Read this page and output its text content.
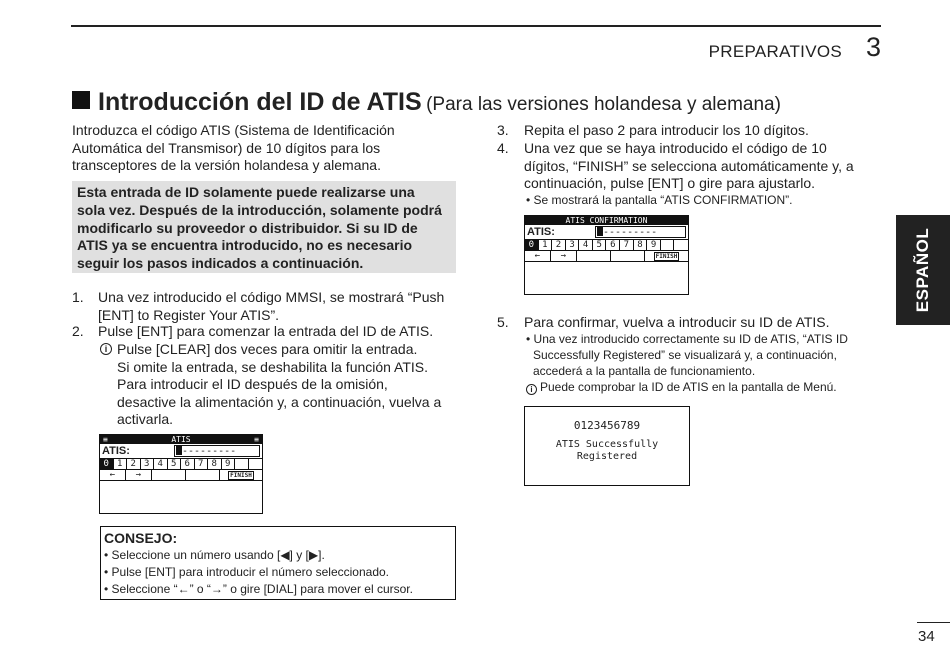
PREPARATIVOS 3
Introducción del ID de ATIS (Para las versiones holandesa y alemana)
Introduzca el código ATIS (Sistema de Identificación
Automática del Transmisor) de 10 dígitos para los
transceptores de la versión holandesa y alemana.
Esta entrada de ID solamente puede realizarse una
sola vez. Después de la introducción, solamente podrá
modificarlo su proveedor o distribuidor. Si su ID de
ATIS ya se encuentra introducido, no es necesario
seguir los pasos indicados a continuación.
1. Una vez introducido el código MMSI, se mostrará “Push
[ENT] to Register Your ATIS”.
2. Pulse [ENT] para comenzar la entrada del ID de ATIS.
i Pulse [CLEAR] dos veces para omitir la entrada.
Si omite la entrada, se deshabilita la función ATIS.
Para introducir el ID después de la omisión,
desactive la alimentación y, a continuación, vuelva a
activarla.
ATIS	≡
≡
ATIS:	---------
0 1 2 3 4 5 6 7 8 9
←	→	FINISH
CONSEJO:
• Seleccione un número usando [◀] y [▶].
• Pulse [ENT] para introducir el número seleccionado.
• Seleccione “←” o “→” o gire [DIAL] para mover el cursor.
3. Repita el paso 2 para introducir los 10 dígitos.
4. Una vez que se haya introducido el código de 10
dígitos, “FINISH” se selecciona automáticamente y, a
continuación, pulse [ENT] o gire para ajustarlo.
• Se mostrará la pantalla “ATIS CONFIRMATION”.
ATIS CONFIRMATION
ATIS:	---------
0 1 2 3 4 5 6 7 8 9
←	→	FINISH
5. Para confirmar, vuelva a introducir su ID de ATIS.
• Una vez introducido correctamente su ID de ATIS, “ATIS ID
Successfully Registered” se visualizará y, a continuación,
accederá a la pantalla de funcionamiento.
i Puede comprobar la ID de ATIS en la pantalla de Menú.
0123456789
ATIS Successfully
Registered
ESPAÑOL
34
